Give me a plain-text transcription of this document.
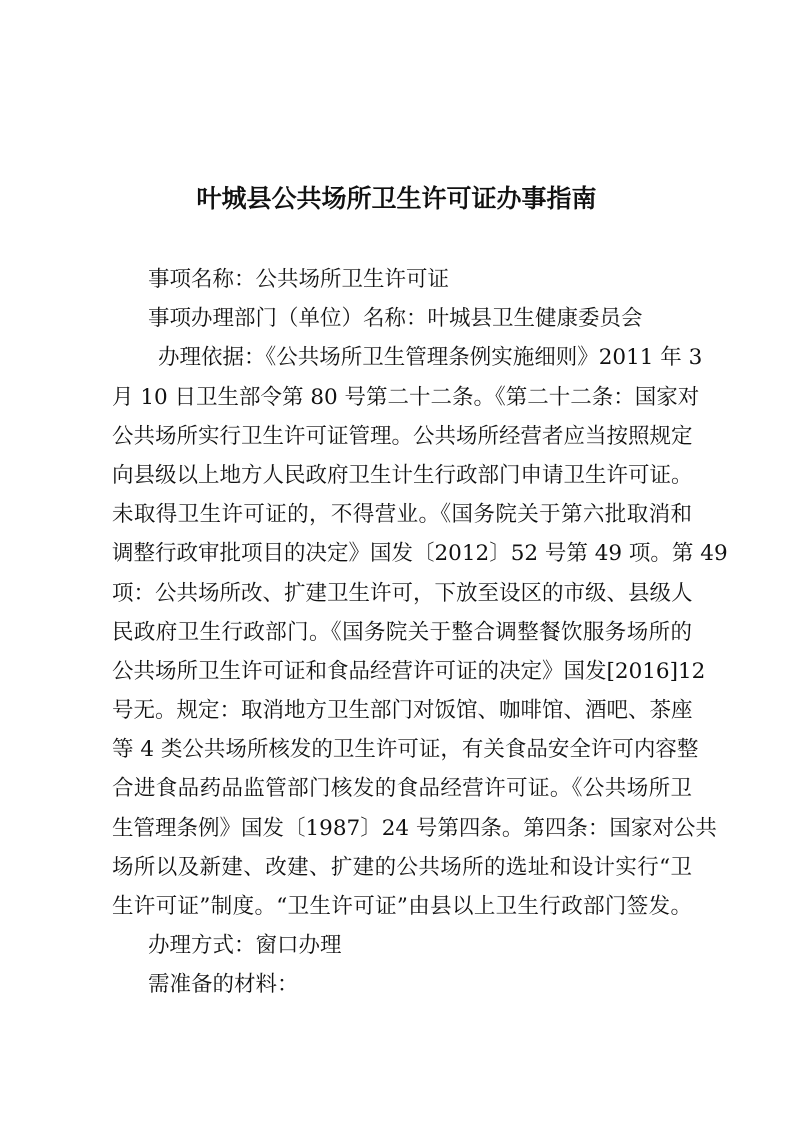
叶城县公共场所卫生许可证办事指南
事项名称：公共场所卫生许可证
事项办理部门（单位）名称：叶城县卫生健康委员会
办理依据：《公共场所卫生管理条例实施细则》2011 年 3
月 10 日卫生部令第 80 号第二十二条。《第二十二条：国家对
公共场所实行卫生许可证管理。公共场所经营者应当按照规定
向县级以上地方人民政府卫生计生行政部门申请卫生许可证。
未取得卫生许可证的，不得营业。《国务院关于第六批取消和
调整行政审批项目的决定》国发〔2012〕52 号第 49 项。第 49
项：公共场所改、扩建卫生许可，下放至设区的市级、县级人
民政府卫生行政部门。《国务院关于整合调整餐饮服务场所的
公共场所卫生许可证和食品经营许可证的决定》国发[2016]12
号无。规定：取消地方卫生部门对饭馆、咖啡馆、酒吧、茶座
等 4 类公共场所核发的卫生许可证，有关食品安全许可内容整
合进食品药品监管部门核发的食品经营许可证。《公共场所卫
生管理条例》国发〔1987〕24 号第四条。第四条：国家对公共
场所以及新建、改建、扩建的公共场所的选址和设计实行“卫
生许可证”制度。“卫生许可证”由县以上卫生行政部门签发。
办理方式：窗口办理
需准备的材料：
